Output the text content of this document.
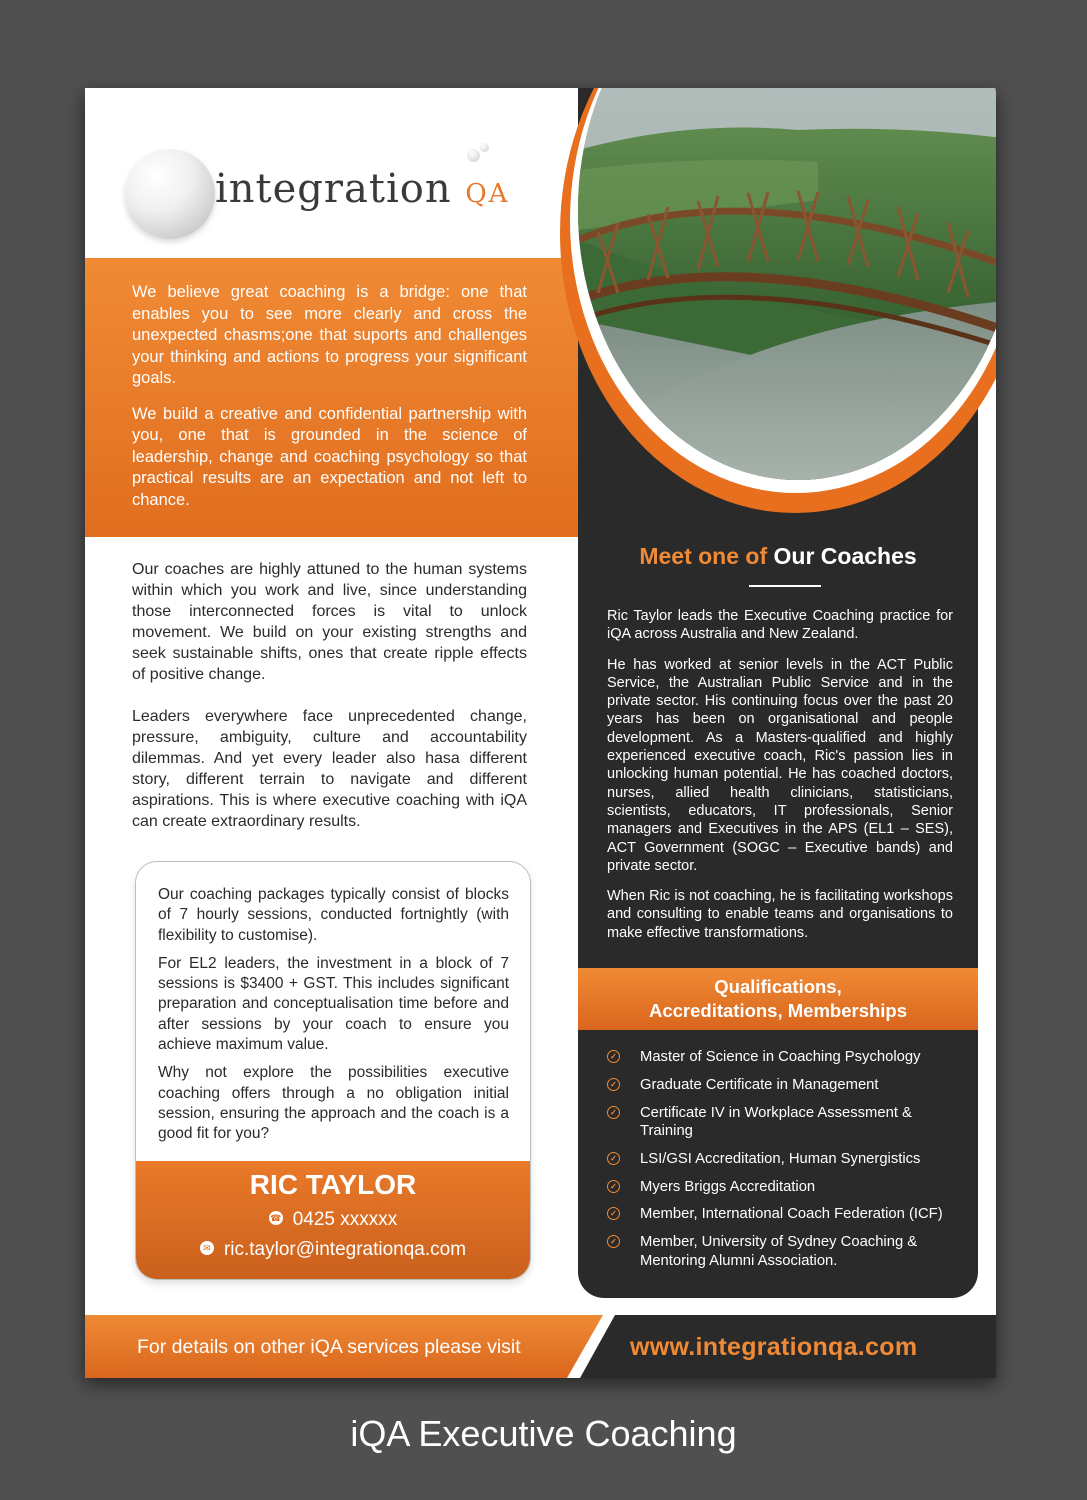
integration QA

We believe great coaching is a bridge: one that enables you to see more clearly and cross the unexpected chasms;one that suports and challenges your thinking and actions to progress your significant goals.

We build a creative and confidential partnership with you, one that is grounded in the science of leadership, change and coaching psychology so that practical results are an expectation and not left to chance.

Our coaches are highly attuned to the human systems within which you work and live, since understanding those interconnected forces is vital to unlock movement. We build on your existing strengths and seek sustainable shifts, ones that create ripple effects of positive change.

Leaders everywhere face unprecedented change, pressure, ambiguity, culture and accountability dilemmas. And yet every leader also hasa different story, different terrain to navigate and different aspirations. This is where executive coaching with iQA can create extraordinary results.

Our coaching packages typically consist of blocks of 7 hourly sessions, conducted fortnightly (with flexibility to customise).

For EL2 leaders, the investment in a block of 7 sessions is $3400 + GST. This includes significant preparation and conceptualisation time before and after sessions by your coach to ensure you achieve maximum value.

Why not explore the possibilities executive coaching offers through a no obligation initial session, ensuring the approach and the coach is a good fit for you?

RIC TAYLOR
☎ 0425 xxxxxx
✉ ric.taylor@integrationqa.com
Meet one of Our Coaches

Ric Taylor leads the Executive Coaching practice for iQA across Australia and New Zealand.

He has worked at senior levels in the ACT Public Service, the Australian Public Service and in the private sector. His continuing focus over the past 20 years has been on organisational and people development. As a Masters-qualified and highly experienced executive coach, Ric's passion lies in unlocking human potential. He has coached doctors, nurses, allied health clinicians, statisticians, scientists, educators, IT professionals, Senior managers and Executives in the APS (EL1 – SES), ACT Government (SOGC – Executive bands) and private sector.

When Ric is not coaching, he is facilitating workshops and consulting to enable teams and organisations to make effective transformations.

Qualifications,
Accreditations, Memberships
✓ Master of Science in Coaching Psychology
✓ Graduate Certificate in Management
✓ Certificate IV in Workplace Assessment & Training
✓ LSI/GSI Accreditation, Human Synergistics
✓ Myers Briggs Accreditation
✓ Member, International Coach Federation (ICF)
✓ Member, University of Sydney Coaching & Mentoring Alumni Association.
For details on other iQA services please visit	www.integrationqa.com
iQA Executive Coaching
